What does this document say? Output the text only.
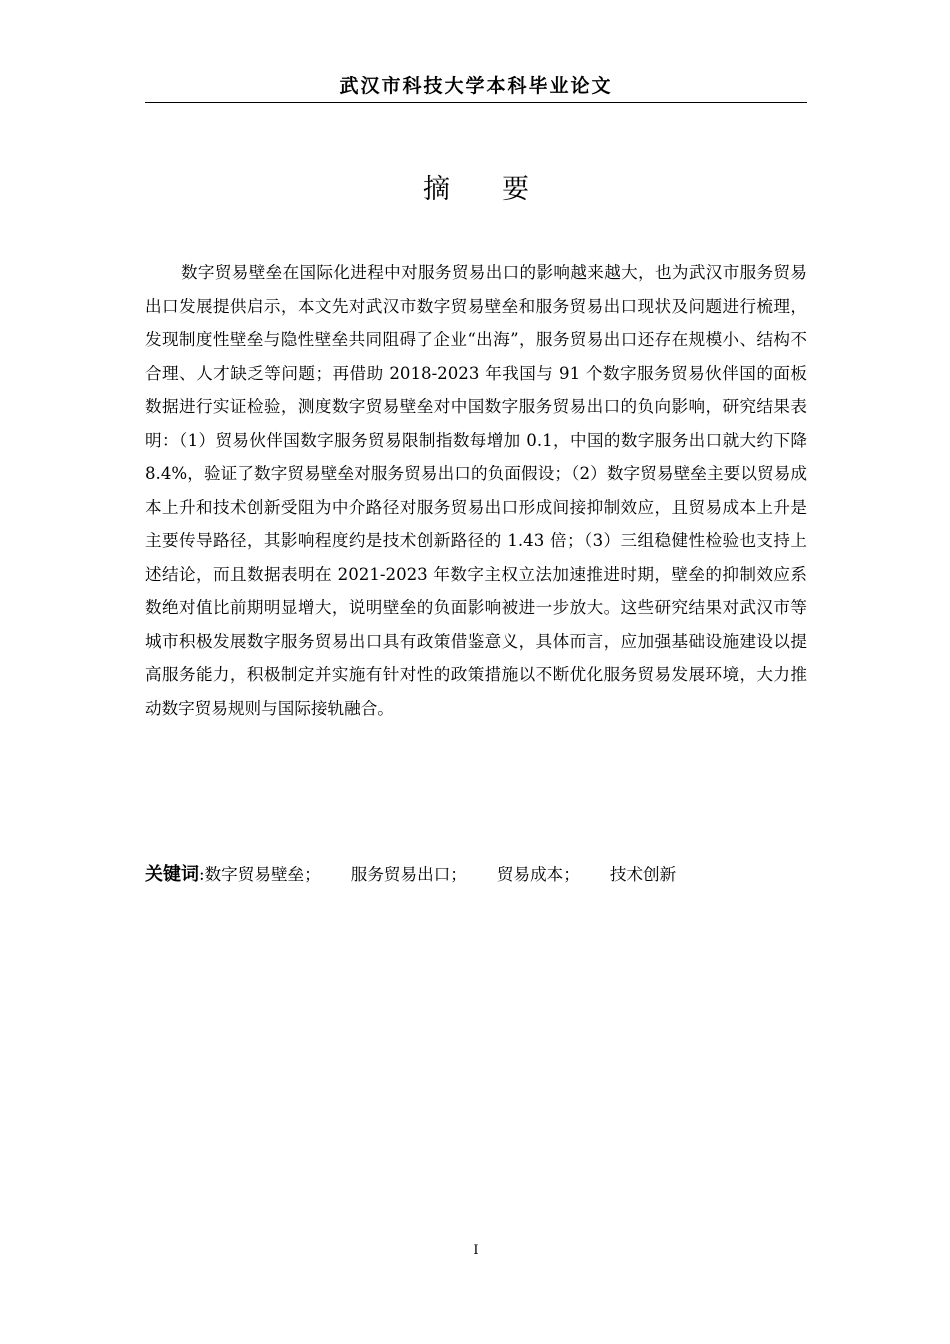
武汉市科技大学本科毕业论文
摘 要

数字贸易壁垒在国际化进程中对服务贸易出口的影响越来越大，也为武汉市服务贸易出口发展提供启示，本文先对武汉市数字贸易壁垒和服务贸易出口现状及问题进行梳理，发现制度性壁垒与隐性壁垒共同阻碍了企业“出海”，服务贸易出口还存在规模小、结构不合理、人才缺乏等问题；再借助 2018-2023 年我国与 91 个数字服务贸易伙伴国的面板数据进行实证检验，测度数字贸易壁垒对中国数字服务贸易出口的负向影响，研究结果表明：（1）贸易伙伴国数字服务贸易限制指数每增加 0.1，中国的数字服务出口就大约下降 8.4%，验证了数字贸易壁垒对服务贸易出口的负面假设；（2）数字贸易壁垒主要以贸易成本上升和技术创新受阻为中介路径对服务贸易出口形成间接抑制效应，且贸易成本上升是主要传导路径，其影响程度约是技术创新路径的 1.43 倍；（3）三组稳健性检验也支持上述结论，而且数据表明在 2021-2023 年数字主权立法加速推进时期，壁垒的抑制效应系数绝对值比前期明显增大，说明壁垒的负面影响被进一步放大。这些研究结果对武汉市等城市积极发展数字服务贸易出口具有政策借鉴意义，具体而言，应加强基础设施建设以提高服务能力，积极制定并实施有针对性的政策措施以不断优化服务贸易发展环境，大力推动数字贸易规则与国际接轨融合。

关键词:数字贸易壁垒； 服务贸易出口； 贸易成本； 技术创新
I
